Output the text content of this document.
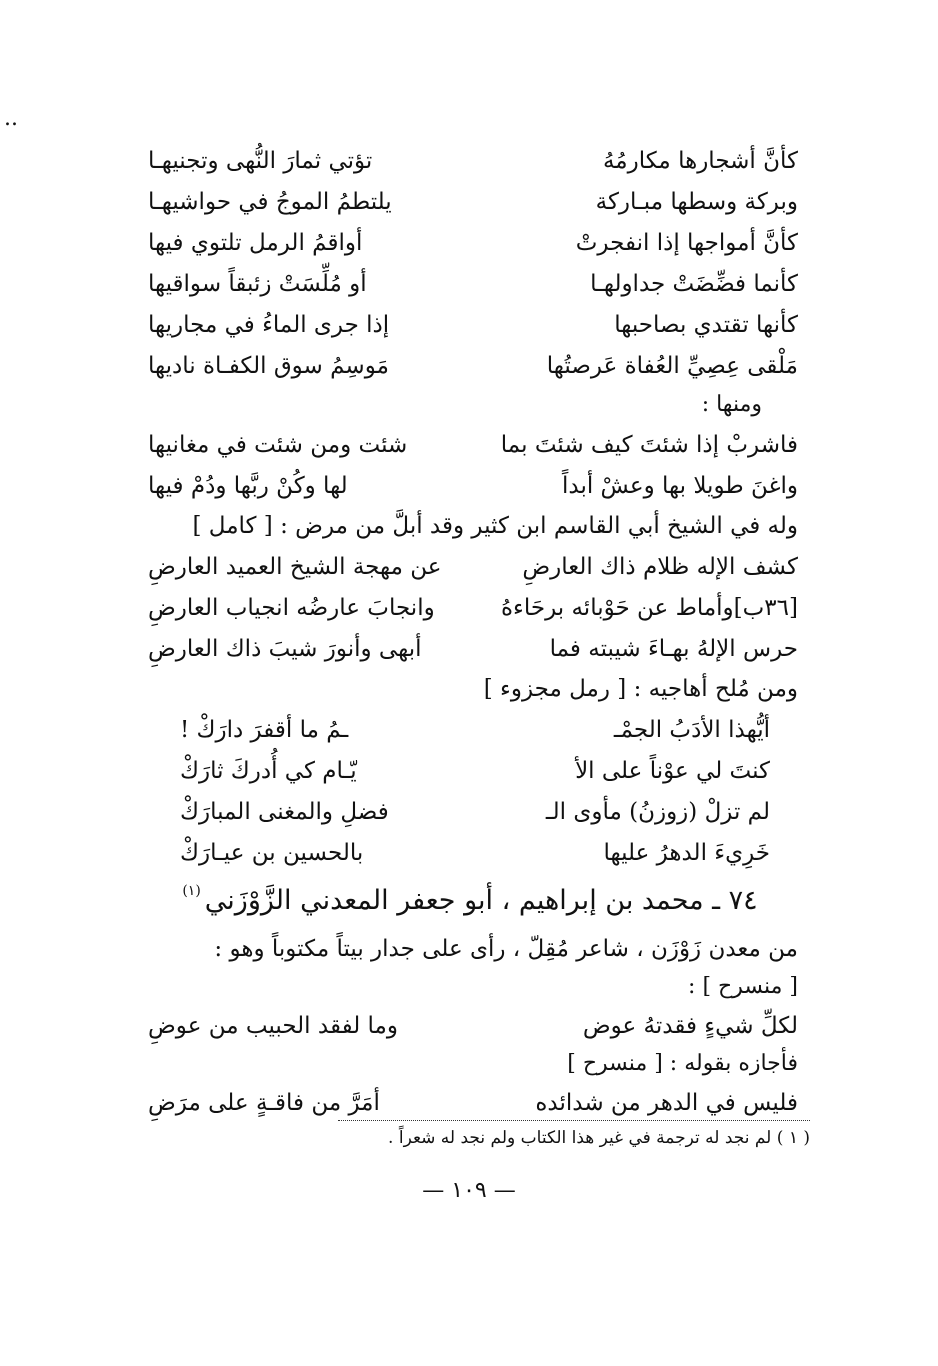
..
كأنَّ أشجارها مكارمُهُ
تؤتي ثمارَ النُّهى وتجنيهـا
وبركة وسطها مبـاركة
يلتطمُ الموجُ في حواشيهـا
كأنَّ أمواجها إذا انفجرتْ
أواقمُ الرمل تلتوي فيها
كأنما فضِّضَتْ جداولهـا
أو مُلِّسَتْ زئبقاً سواقيها
كأنها تقتدي بصاحبها
إذا جرى الماءُ في مجاريها
مَلْقى عِصِيِّ العُفاة عَرصتُها
مَوسِمُ سوق الكفـاة ناديها
ومنها :
فاشربْ إذا شئتَ كيف شئتَ بما
شئت ومن شئت في مغانيها
واغنَ طويلا بها وعشْ أبداً
لها وكُنْ ربَّها ودُمْ فيها
وله في الشيخ أبي القاسم ابن كثير وقد أبلَّ من مرض : [ كامل ]
كشف الإله ظلام ذاك العارضِ
عن مهجة الشيخ العميد العارضِ
[٣٦ب]وأماط عن حَوْبائه برحَاءهُ
وانجابَ عارضُه انجياب العارضِ
حرس الإلهُ بهـاءَ شيبته فما
أبهى وأنورَ شيبَ ذاك العارضِ
ومن مُلح أهاجيه : [ رمل مجزوء ]
أيُّهذا الأدَبُ الجمْـ
ـمُ ما أقفرَ دارَكْ !
كنتَ لي عوْناً على الأ
يّـام كي أُدركَ ثارَكْ
لم تزلْ (زوزنُ) مأوى الـ
فضلِ والمغنى المبارَكْ
خَرِيءَ الدهرُ عليها
بالحسين بن عيـارَكْ
٧٤ ـ محمد بن إبراهيم ، أبو جعفر المعدني الزَّوْزَني$^{(١)}$
من معدن زَوْزَن ، شاعر مُقِلّ ، رأى على جدار بيتاً مكتوباً وهو :
[ منسرح ] :
لكلِّ شيءٍ فقدتهُ عوض
وما لفقد الحبيب من عوضِ
فأجازه بقوله : [ منسرح ]
فليس في الدهر من شدائده
أمَرَّ من فاقـةٍ على مرَضِ
( ١ ) لم نجد له ترجمة في غير هذا الكتاب ولم نجد له شعراً .
— ١٠٩ —
